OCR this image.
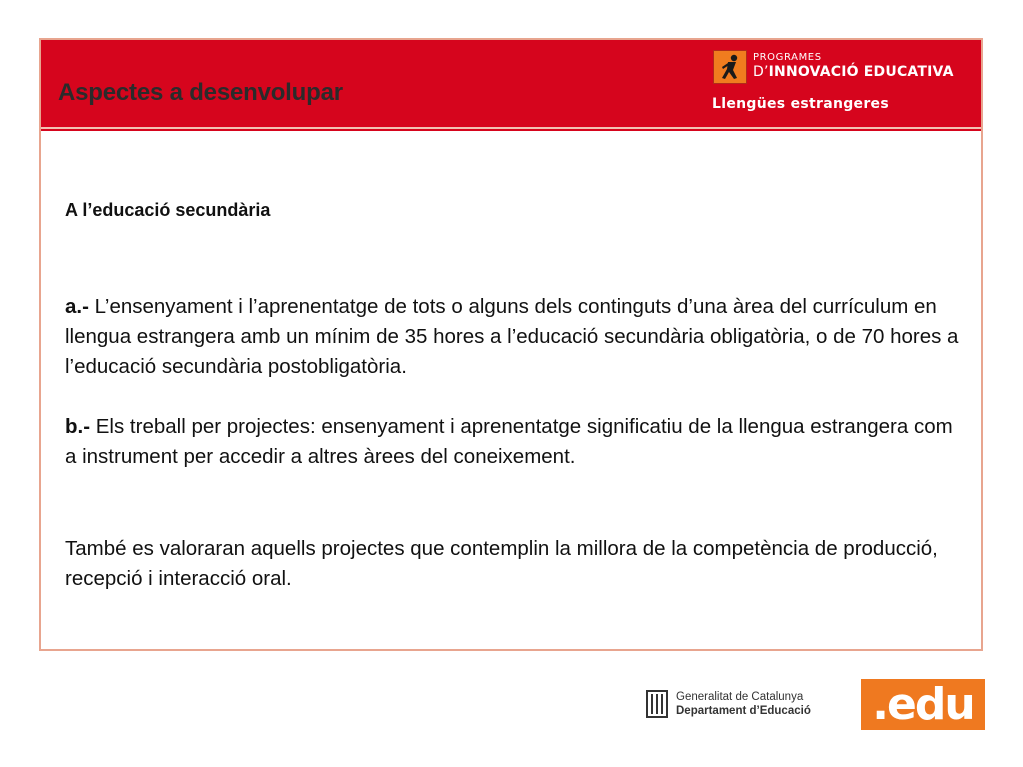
Aspectes a desenvolupar
PROGRAMES
D’INNOVACIÓ EDUCATIVA
Llengües estrangeres
A l’educació secundària

a.- L’ensenyament i l’aprenentatge de tots o alguns dels continguts d’una àrea del currículum en llengua estrangera amb un mínim de 35 hores a l’educació secundària obligatòria, o de 70 hores a l’educació secundària postobligatòria.

b.- Els treball per projectes: ensenyament i aprenentatge significatiu de la llengua estrangera com a instrument per accedir a altres àrees del coneixement.

També es valoraran aquells projectes que contemplin la millora de la competència de producció, recepció i interacció oral.

Generalitat de Catalunya
Departament d’Educació .edu
